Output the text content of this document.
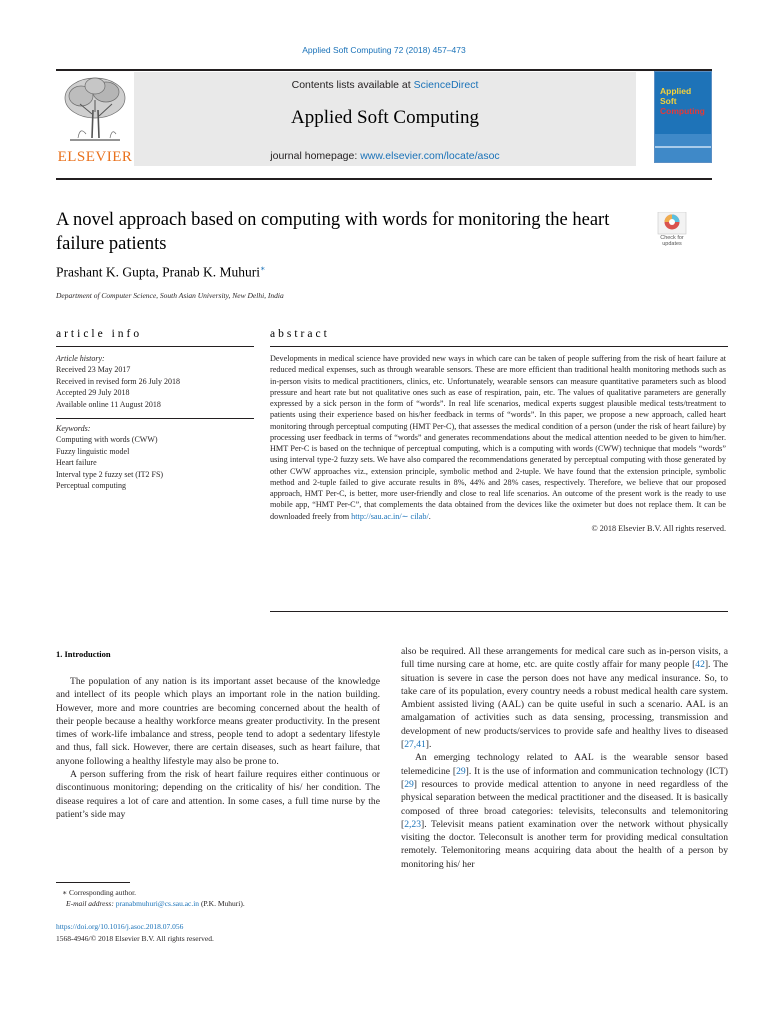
Applied Soft Computing 72 (2018) 457–473
Contents lists available at ScienceDirect
Applied Soft Computing
journal homepage: www.elsevier.com/locate/asoc
ELSEVIER
Applied
Soft
Computing
A novel approach based on computing with words for monitoring the heart failure patients	Check for updates
Prashant K. Gupta, Pranab K. Muhuri∗
Department of Computer Science, South Asian University, New Delhi, India
article info	abstract
Article history:
Received 23 May 2017
Received in revised form 26 July 2018
Accepted 29 July 2018
Available online 11 August 2018
Keywords:
Computing with words (CWW)
Fuzzy linguistic model
Heart failure
Interval type 2 fuzzy set (IT2 FS)
Perceptual computing
Developments in medical science have provided new ways in which care can be taken of people suffering from the risk of heart failure at reduced medical expenses, such as through wearable sensors. These are more efficient than traditional health monitoring methods such as in-person visits to medical practitioners, clinics, etc. Unfortunately, wearable sensors can measure quantitative parameters such as blood pressure and heart rate but not qualitative ones such as ease of respiration, pain, etc. The values of qualitative parameters are generally expressed by a sick person in the form of “words”. In real life scenarios, medical experts suggest plausible medical tests/treatment to patients using their experience based on his/her feedback in terms of “words”. In this paper, we propose a new approach, called heart monitoring through perceptual computing (HMT Per-C), that assesses the medical condition of a person (under the risk of heart failure) by processing user feedback in terms of “words” and generates recommendations about the medical attention needed to be given to him/her. HMT Per-C is based on the technique of perceptual computing, which is a computing with words (CWW) technique that models “words” using interval type-2 fuzzy sets. We have also compared the recommendations generated by perceptual computing with those generated by other CWW approaches viz., extension principle, symbolic method and 2-tuple. We have found that the extension principle, symbolic method and 2-tuple failed to give accurate results in 8%, 44% and 28% cases, respectively. Therefore, we believe that our proposed approach, HMT Per-C, is better, more user-friendly and close to real life scenarios. An outcome of the present work is the ready to use mobile app, “HMT Per-C”, that complements the data obtained from the devices like the oximeter but does not replace them. It can be downloaded freely from http://sau.ac.in/∼ cilab/.
© 2018 Elsevier B.V. All rights reserved.
1. Introduction

The population of any nation is its important asset because of the knowledge and intellect of its people which plays an important role in the nation building. However, more and more countries are becoming concerned about the health of their people because a healthy workforce means greater productivity. In the present times of work-life imbalance and stress, people tend to adopt a sedentary lifestyle and thus, fall sick. However, there are certain diseases, such as heart failure, that anyone following a healthy lifestyle may also be prone to.

A person suffering from the risk of heart failure requires either continuous or discontinuous monitoring; depending on the criticality of his/ her condition. The disease requires a lot of care and attention. In some cases, a full time nurse by the patient’s side may

also be required. All these arrangements for medical care such as in-person visits, a full time nursing care at home, etc. are quite costly affair for many people [42]. The situation is severe in case the person does not have any medical insurance. So, to take care of its population, every country needs a robust medical health care system. Ambient assisted living (AAL) can be quite useful in such a scenario. AAL is an amalgamation of activities such as data sensing, processing, transmission and development of new products/services to provide safe and healthy lives to diseased [27,41].

An emerging technology related to AAL is the wearable sensor based telemedicine [29]. It is the use of information and communication technology (ICT) [29] resources to provide medical attention to anyone in need regardless of the physical separation between the medical practitioner and the diseased. It is basically composed of three broad categories: televisits, teleconsults and telemonitoring [2,23]. Televisit means patient examination over the network without physically visiting the doctor. Teleconsult is another term for providing medical consultation remotely. Telemonitoring means acquiring data about the health of a person by monitoring his/ her

∗ Corresponding author.
E-mail address: pranabmuhuri@cs.sau.ac.in (P.K. Muhuri).
https://doi.org/10.1016/j.asoc.2018.07.056
1568-4946/© 2018 Elsevier B.V. All rights reserved.
